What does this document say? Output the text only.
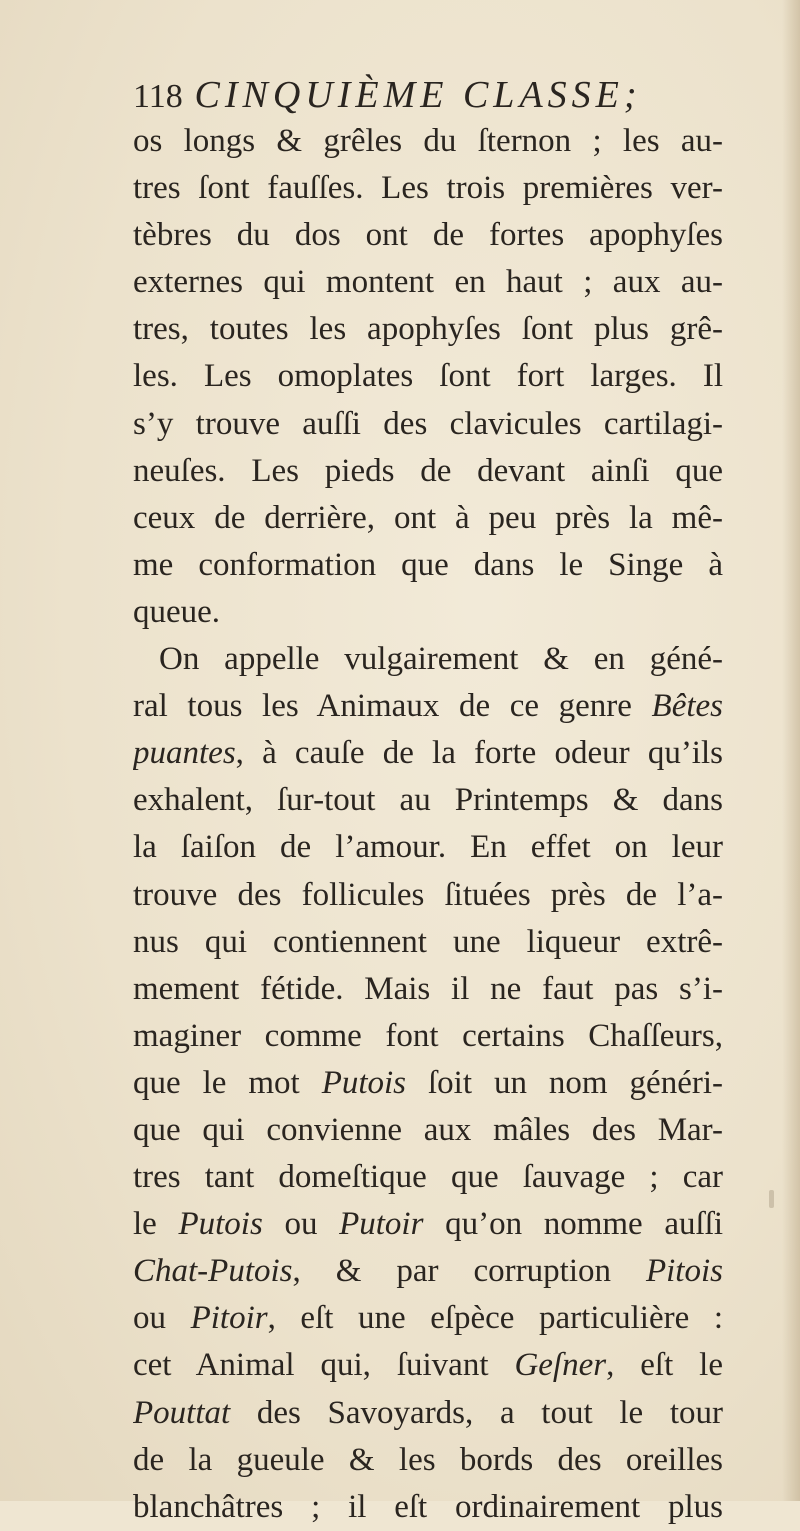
118 CINQUIÈME CLASSE;
os longs & grêles du ſternon ; les au-
tres ſont fauſſes. Les trois premières ver-
tèbres du dos ont de fortes apophyſes
externes qui montent en haut ; aux au-
tres, toutes les apophyſes ſont plus grê-
les. Les omoplates ſont fort larges. Il
s’y trouve auſſi des clavicules cartilagi-
neuſes. Les pieds de devant ainſi que
ceux de derrière, ont à peu près la mê-
me conformation que dans le Singe à
queue.
On appelle vulgairement & en géné-
ral tous les Animaux de ce genre Bêtes
puantes, à cauſe de la forte odeur qu’ils
exhalent, ſur-tout au Printemps & dans
la ſaiſon de l’amour. En effet on leur
trouve des follicules ſituées près de l’a-
nus qui contiennent une liqueur extrê-
mement fétide. Mais il ne faut pas s’i-
maginer comme font certains Chaſſeurs,
que le mot Putois ſoit un nom généri-
que qui convienne aux mâles des Mar-
tres tant domeſtique que ſauvage ; car
le Putois ou Putoir qu’on nomme auſſi
Chat-Putois, & par corruption Pitois
ou Pitoir, eſt une eſpèce particulière :
cet Animal qui, ſuivant Geſner, eſt le
Pouttat des Savoyards, a tout le tour
de la gueule & les bords des oreilles
blanchâtres ; il eſt ordinairement plus
